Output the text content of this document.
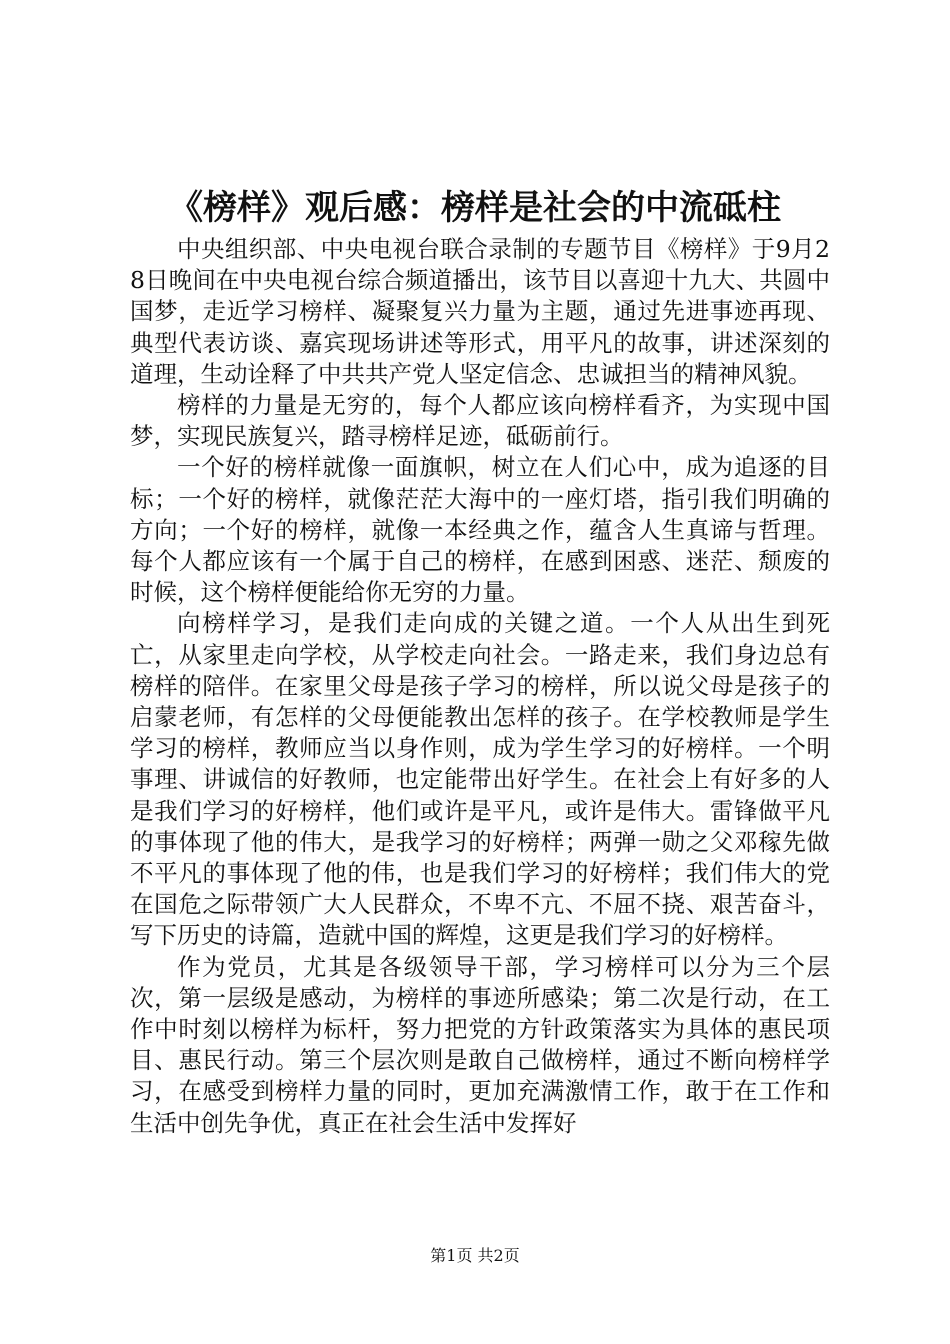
《榜样》观后感：榜样是社会的中流砥柱

中央组织部、中央电视台联合录制的专题节目《榜样》于9月28日晚间在中央电视台综合频道播出，该节目以喜迎十九大、共圆中国梦，走近学习榜样、凝聚复兴力量为主题，通过先进事迹再现、典型代表访谈、嘉宾现场讲述等形式，用平凡的故事，讲述深刻的道理，生动诠释了中共共产党人坚定信念、忠诚担当的精神风貌。

榜样的力量是无穷的，每个人都应该向榜样看齐，为实现中国梦，实现民族复兴，踏寻榜样足迹，砥砺前行。

一个好的榜样就像一面旗帜，树立在人们心中，成为追逐的目标；一个好的榜样，就像茫茫大海中的一座灯塔，指引我们明确的方向；一个好的榜样，就像一本经典之作，蕴含人生真谛与哲理。每个人都应该有一个属于自己的榜样，在感到困惑、迷茫、颓废的时候，这个榜样便能给你无穷的力量。

向榜样学习，是我们走向成的关键之道。一个人从出生到死亡，从家里走向学校，从学校走向社会。一路走来，我们身边总有榜样的陪伴。在家里父母是孩子学习的榜样，所以说父母是孩子的启蒙老师，有怎样的父母便能教出怎样的孩子。在学校教师是学生学习的榜样，教师应当以身作则，成为学生学习的好榜样。一个明事理、讲诚信的好教师，也定能带出好学生。在社会上有好多的人是我们学习的好榜样，他们或许是平凡，或许是伟大。雷锋做平凡的事体现了他的伟大，是我学习的好榜样；两弹一勋之父邓稼先做不平凡的事体现了他的伟，也是我们学习的好榜样；我们伟大的党在国危之际带领广大人民群众，不卑不亢、不屈不挠、艰苦奋斗，写下历史的诗篇，造就中国的辉煌，这更是我们学习的好榜样。

作为党员，尤其是各级领导干部，学习榜样可以分为三个层次，第一层级是感动，为榜样的事迹所感染；第二次是行动，在工作中时刻以榜样为标杆，努力把党的方针政策落实为具体的惠民项目、惠民行动。第三个层次则是敢自己做榜样，通过不断向榜样学习，在感受到榜样力量的同时，更加充满激情工作，敢于在工作和生活中创先争优，真正在社会生活中发挥好

第1页 共2页
